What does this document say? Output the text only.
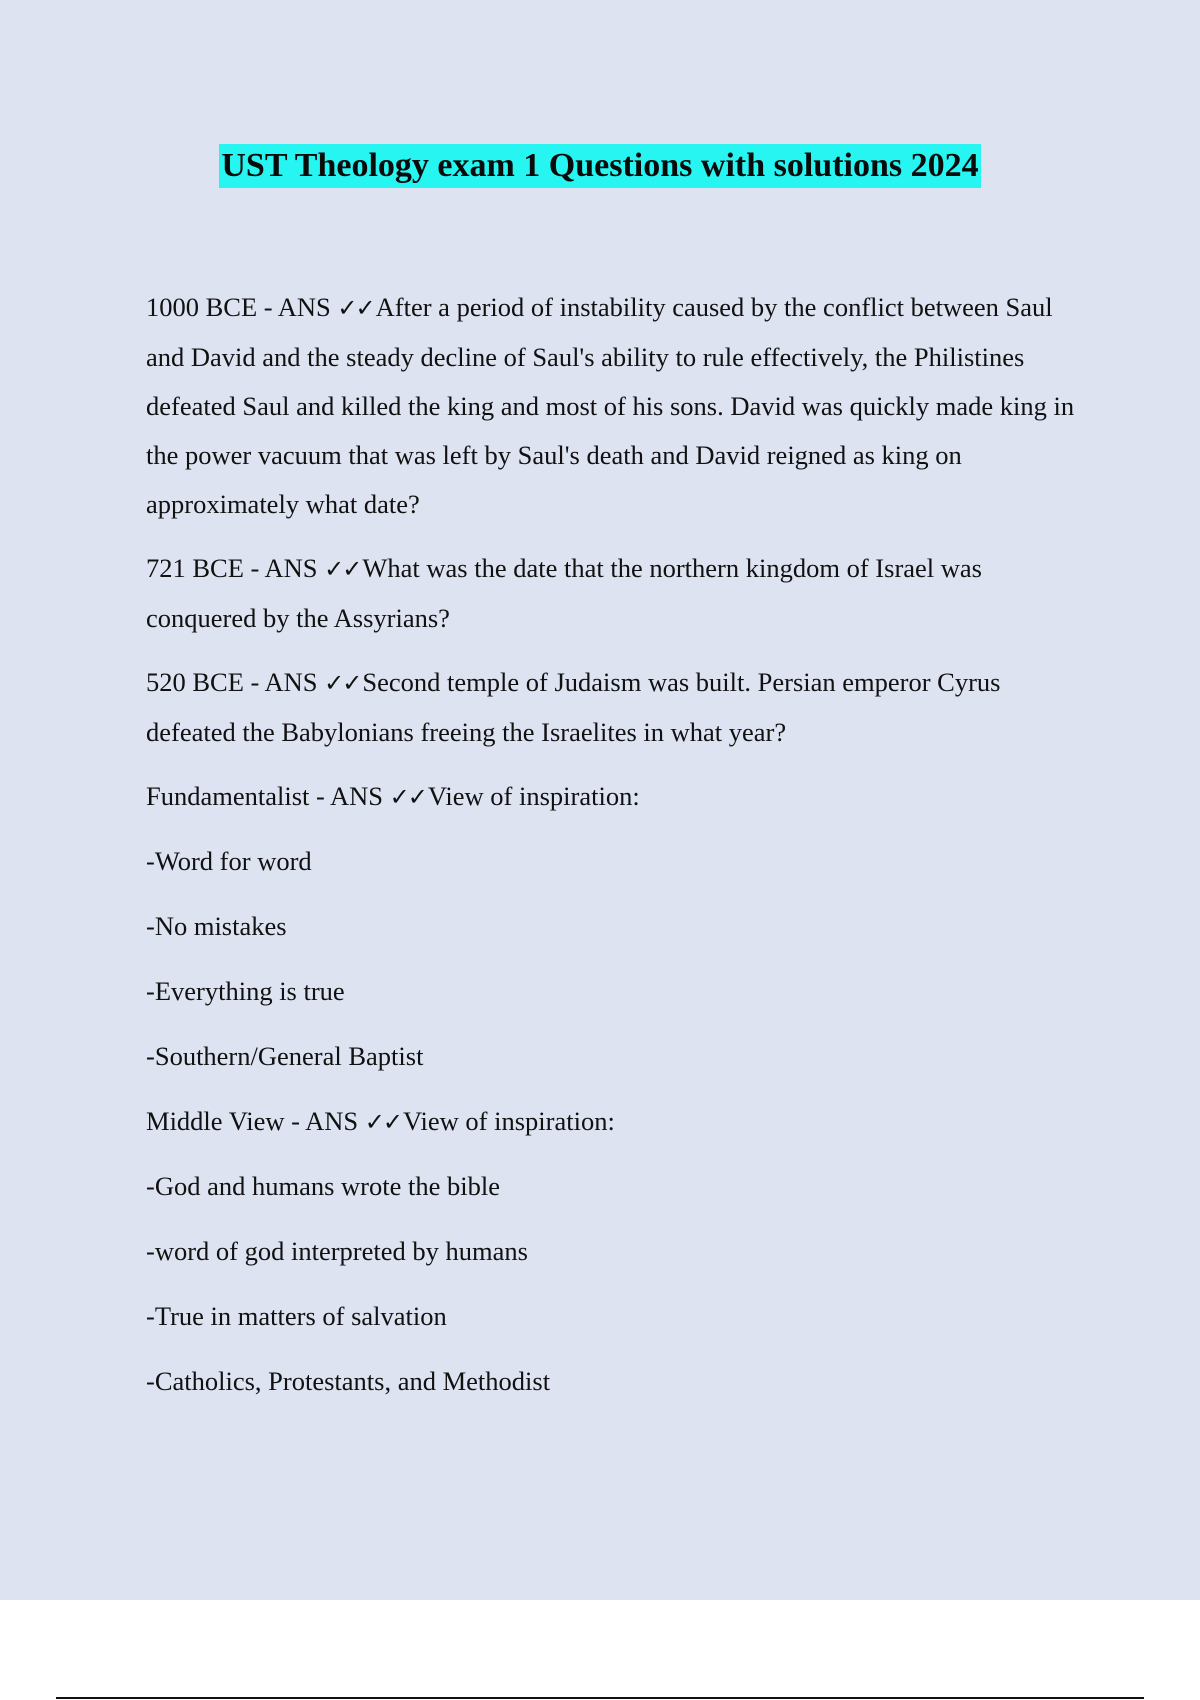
UST Theology exam 1 Questions with solutions 2024
1000 BCE - ANS ✓✓After a period of instability caused by the conflict between Saul and David and the steady decline of Saul's ability to rule effectively, the Philistines defeated Saul and killed the king and most of his sons. David was quickly made king in the power vacuum that was left by Saul's death and David reigned as king on approximately what date?
721 BCE - ANS ✓✓What was the date that the northern kingdom of Israel was conquered by the Assyrians?
520 BCE - ANS ✓✓Second temple of Judaism was built. Persian emperor Cyrus defeated the Babylonians freeing the Israelites in what year?
Fundamentalist - ANS ✓✓View of inspiration:
-Word for word
-No mistakes
-Everything is true
-Southern/General Baptist
Middle View - ANS ✓✓View of inspiration:
-God and humans wrote the bible
-word of god interpreted by humans
-True in matters of salvation
-Catholics, Protestants, and Methodist
